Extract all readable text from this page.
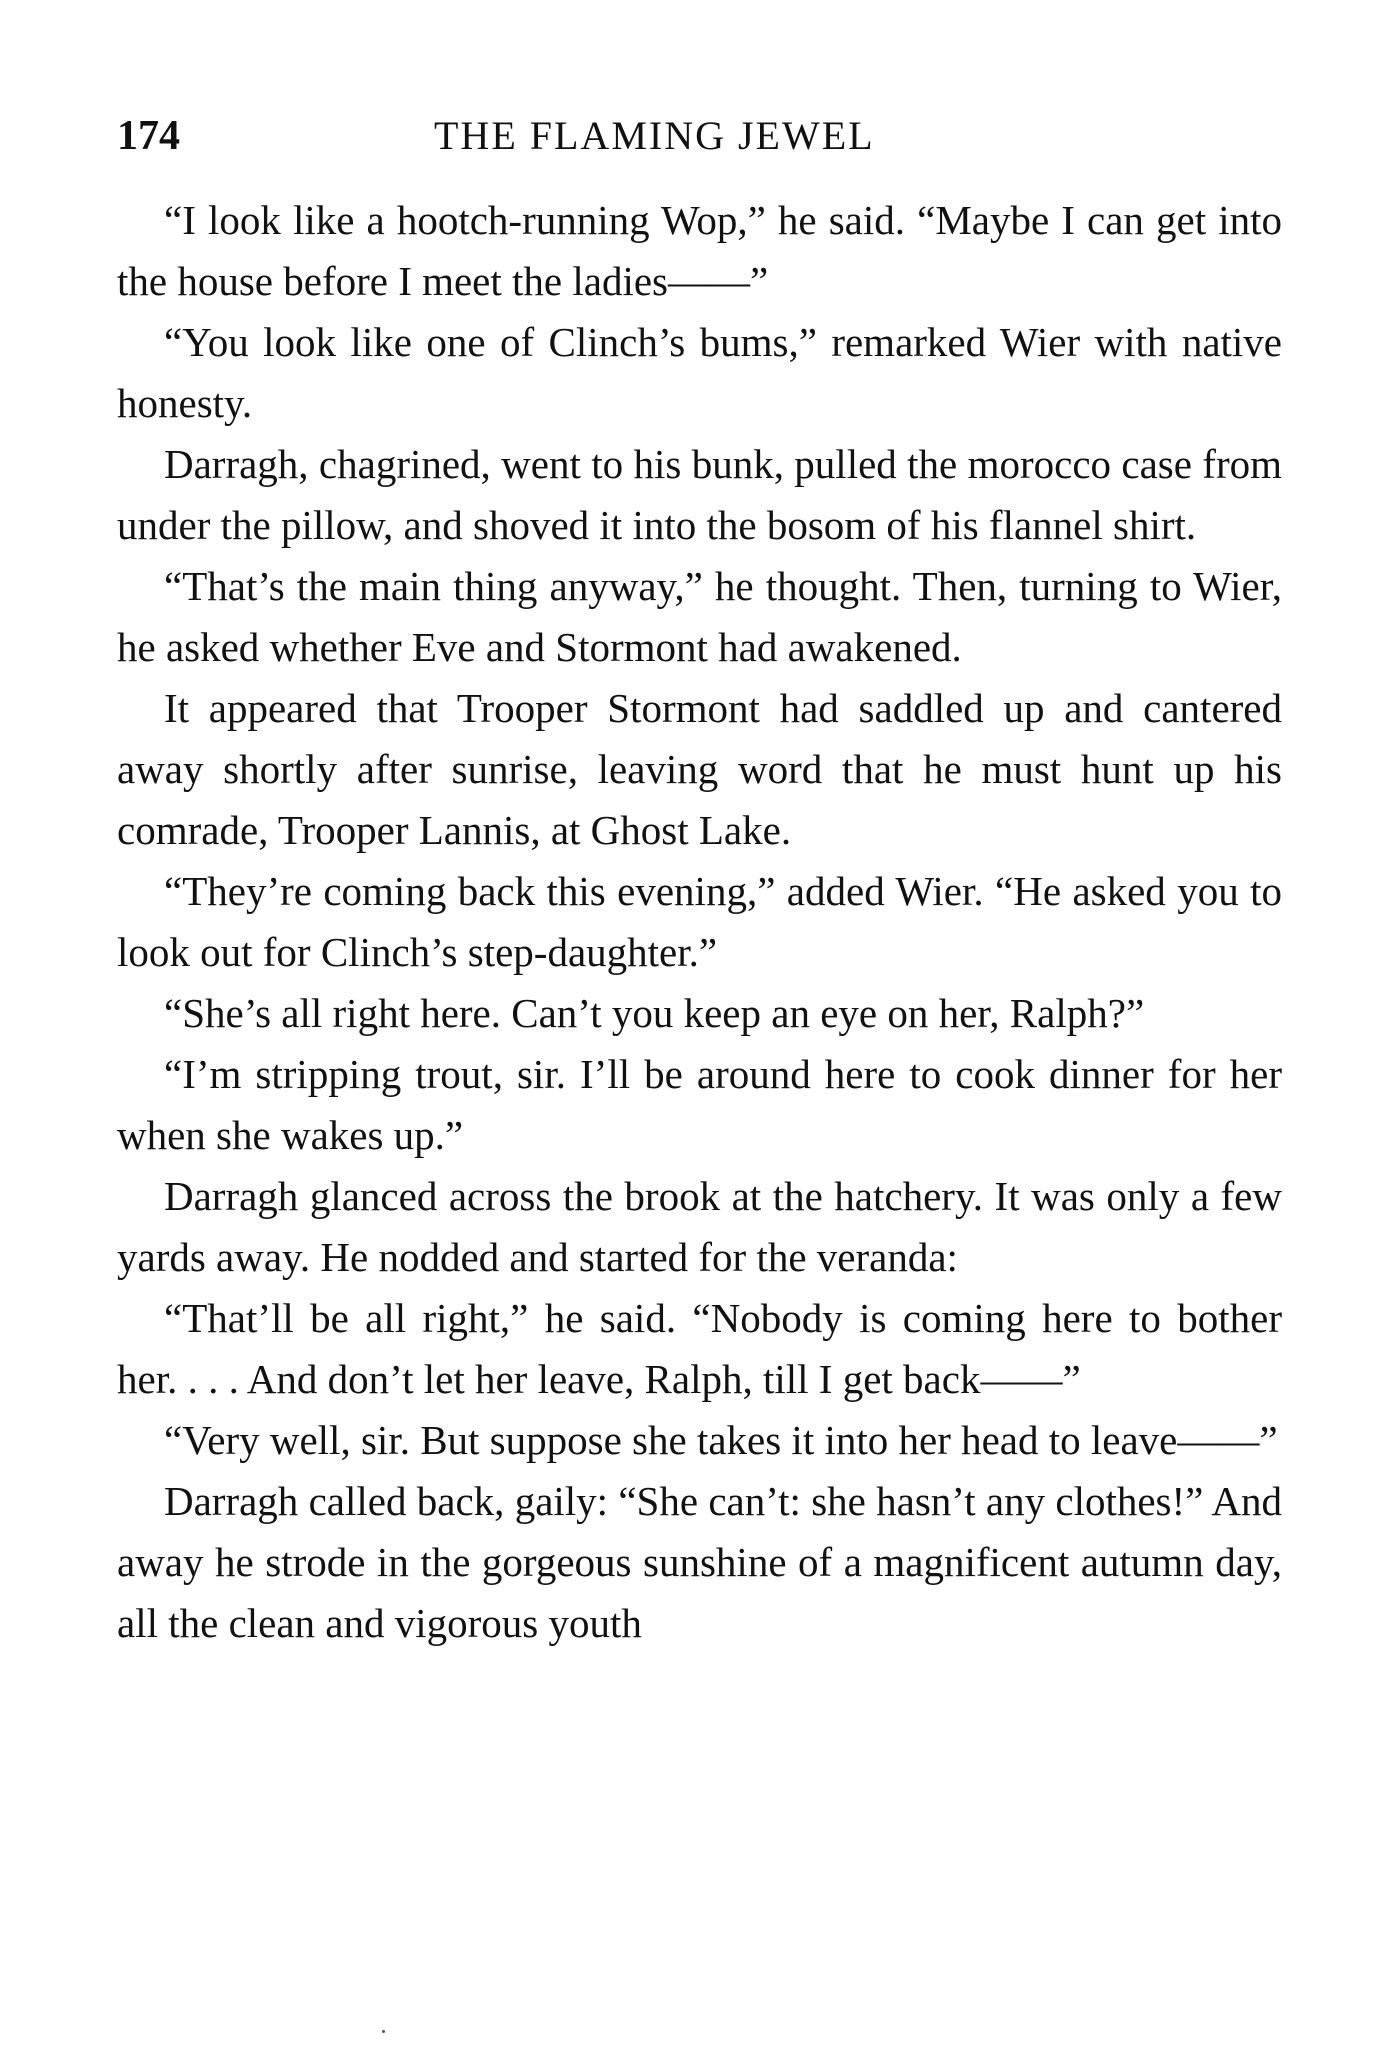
174	THE FLAMING JEWEL

“I look like a hootch-running Wop,” he said. “Maybe I can get into the house before I meet the ladies——”

“You look like one of Clinch’s bums,” remarked Wier with native honesty.

Darragh, chagrined, went to his bunk, pulled the morocco case from under the pillow, and shoved it into the bosom of his flannel shirt.

“That’s the main thing anyway,” he thought. Then, turning to Wier, he asked whether Eve and Stormont had awakened.

It appeared that Trooper Stormont had saddled up and cantered away shortly after sunrise, leaving word that he must hunt up his comrade, Trooper Lannis, at Ghost Lake.

“They’re coming back this evening,” added Wier. “He asked you to look out for Clinch’s step-daughter.”

“She’s all right here. Can’t you keep an eye on her, Ralph?”

“I’m stripping trout, sir. I’ll be around here to cook dinner for her when she wakes up.”

Darragh glanced across the brook at the hatchery. It was only a few yards away. He nodded and started for the veranda:

“That’ll be all right,” he said. “Nobody is coming here to bother her. . . . And don’t let her leave, Ralph, till I get back——”

“Very well, sir. But suppose she takes it into her head to leave——”

Darragh called back, gaily: “She can’t: she hasn’t any clothes!” And away he strode in the gorgeous sunshine of a magnificent autumn day, all the clean and vigorous youth
